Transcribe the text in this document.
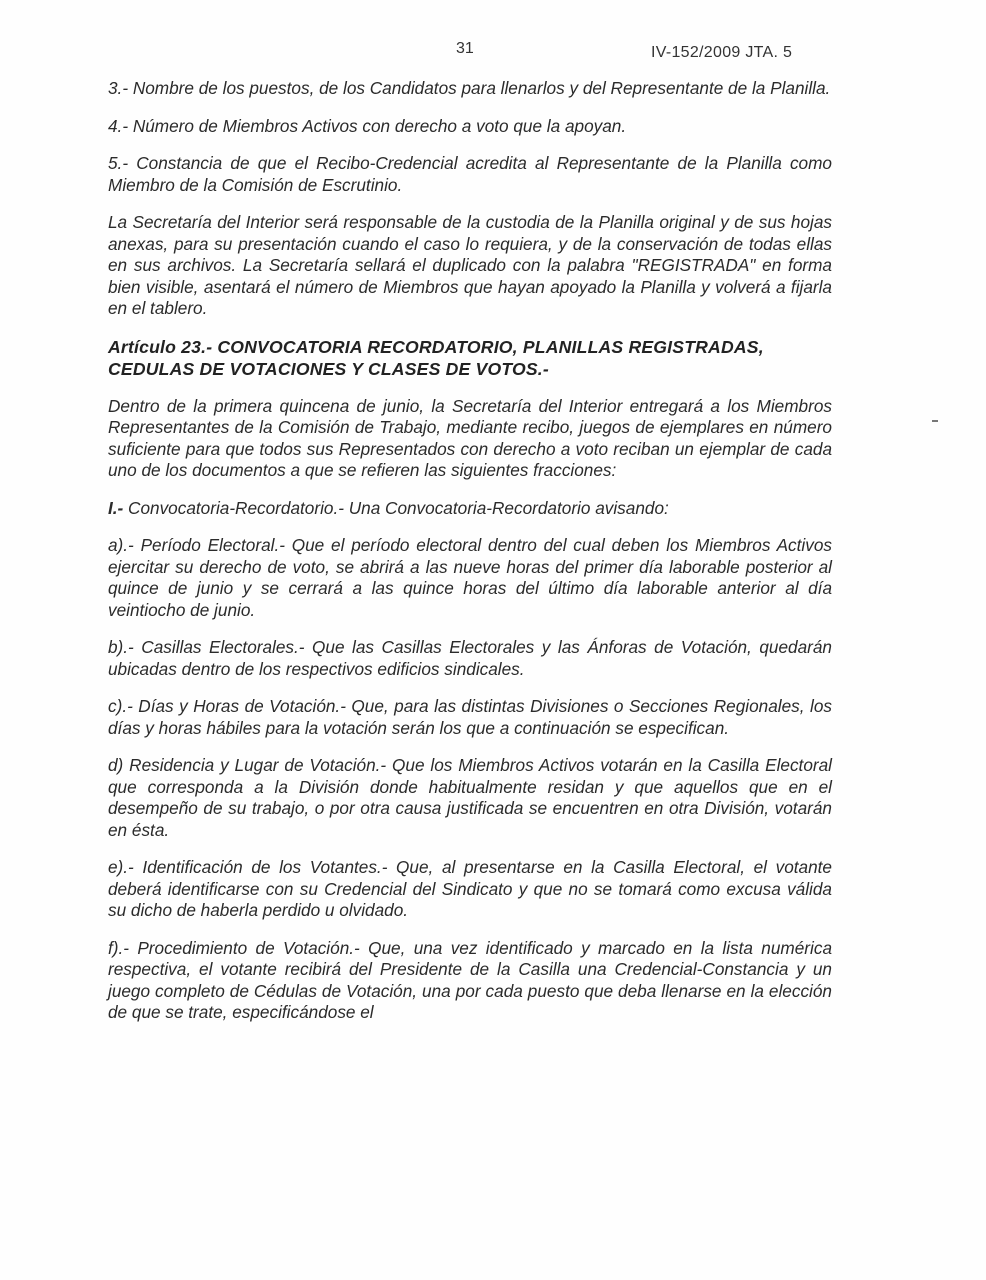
31	IV-152/2009 JTA. 5

3.- Nombre de los puestos, de los Candidatos para llenarlos y del Representante de la Planilla.

4.- Número de Miembros Activos con derecho a voto que la apoyan.

5.- Constancia de que el Recibo-Credencial acredita al Representante de la Planilla como Miembro de la Comisión de Escrutinio.

La Secretaría del Interior será responsable de la custodia de la Planilla original y de sus hojas anexas, para su presentación cuando el caso lo requiera, y de la conservación de todas ellas en sus archivos. La Secretaría sellará el duplicado con la palabra "REGISTRADA" en forma bien visible, asentará el número de Miembros que hayan apoyado la Planilla y volverá a fijarla en el tablero.

Artículo 23.- CONVOCATORIA RECORDATORIO, PLANILLAS REGISTRADAS, CEDULAS DE VOTACIONES Y CLASES DE VOTOS.-

Dentro de la primera quincena de junio, la Secretaría del Interior entregará a los Miembros Representantes de la Comisión de Trabajo, mediante recibo, juegos de ejemplares en número suficiente para que todos sus Representados con derecho a voto reciban un ejemplar de cada uno de los documentos a que se refieren las siguientes fracciones:

I.- Convocatoria-Recordatorio.- Una Convocatoria-Recordatorio avisando:

a).- Período Electoral.- Que el período electoral dentro del cual deben los Miembros Activos ejercitar su derecho de voto, se abrirá a las nueve horas del primer día laborable posterior al quince de junio y se cerrará a las quince horas del último día laborable anterior al día veintiocho de junio.

b).- Casillas Electorales.- Que las Casillas Electorales y las Ánforas de Votación, quedarán ubicadas dentro de los respectivos edificios sindicales.

c).- Días y Horas de Votación.- Que, para las distintas Divisiones o Secciones Regionales, los días y horas hábiles para la votación serán los que a continuación se especifican.

d) Residencia y Lugar de Votación.- Que los Miembros Activos votarán en la Casilla Electoral que corresponda a la División donde habitualmente residan y que aquellos que en el desempeño de su trabajo, o por otra causa justificada se encuentren en otra División, votarán en ésta.

e).- Identificación de los Votantes.- Que, al presentarse en la Casilla Electoral, el votante deberá identificarse con su Credencial del Sindicato y que no se tomará como excusa válida su dicho de haberla perdido u olvidado.

f).- Procedimiento de Votación.- Que, una vez identificado y marcado en la lista numérica respectiva, el votante recibirá del Presidente de la Casilla una Credencial-Constancia y un juego completo de Cédulas de Votación, una por cada puesto que deba llenarse en la elección de que se trate, especificándose el
